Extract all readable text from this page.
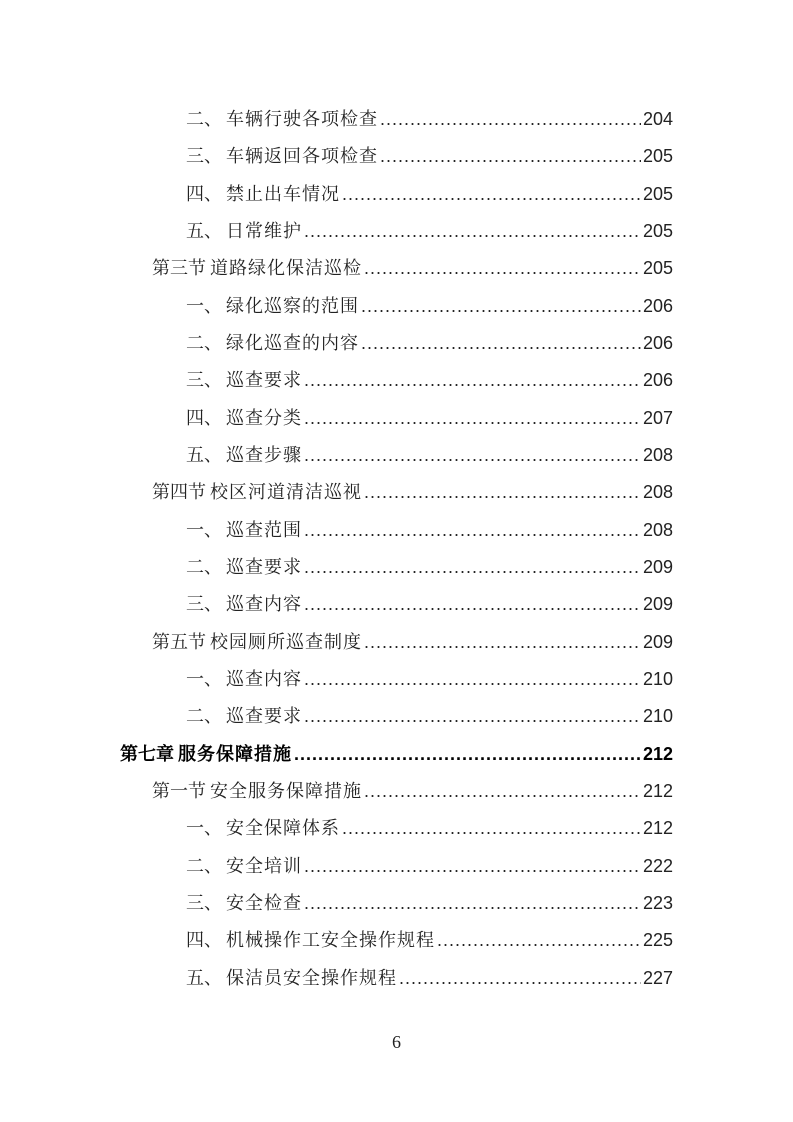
二、 车辆行驶各项检查 .....	204
三、 车辆返回各项检查 .....	205
四、 禁止出车情况 .....	205
五、 日常维护 .....	205
第三节 道路绿化保洁巡检 .....	205
一、 绿化巡察的范围 .....	206
二、 绿化巡查的内容 .....	206
三、 巡查要求 .....	206
四、 巡查分类 .....	207
五、 巡查步骤 .....	208
第四节 校区河道清洁巡视 .....	208
一、 巡查范围 .....	208
二、 巡查要求 .....	209
三、 巡查内容 .....	209
第五节 校园厕所巡查制度 .....	209
一、 巡查内容 .....	210
二、 巡查要求 .....	210
第七章 服务保障措施 .....	212
第一节 安全服务保障措施 .....	212
一、 安全保障体系 .....	212
二、 安全培训 .....	222
三、 安全检查 .....	223
四、 机械操作工安全操作规程 .....	225
五、 保洁员安全操作规程 .....	227
6
